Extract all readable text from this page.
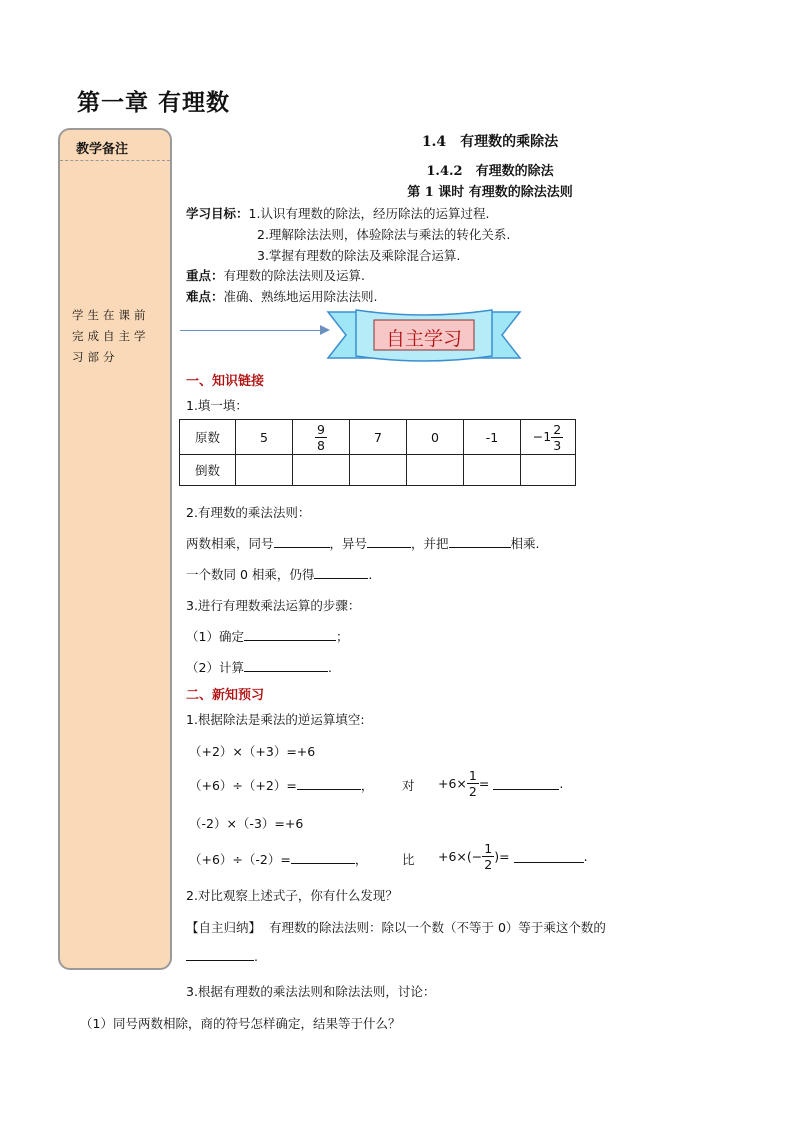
第一章 有理数
教学备注
学生在课前完成自主学习部分
1.4　有理数的乘除法
1.4.2　有理数的除法
第 1 课时 有理数的除法法则
学习目标：1.认识有理数的除法，经历除法的运算过程.
2.理解除法法则，体验除法与乘法的转化关系.
3.掌握有理数的除法及乘除混合运算.
重点：有理数的除法法则及运算.
难点：准确、熟练地运用除法法则.
自主学习
一、知识链接
1.填一填：
原数	5	$\frac{9}{8}$	7	0	-1	$-1 \frac{2}{3}$

倒数						
2.有理数的乘法法则：
两数相乘，同号	，异号	，并把	相乘.
一个数同 0 相乘，仍得	.
3.进行有理数乘法运算的步骤：
（1）确定	；
（2）计算	.
二、新知预习
1.根据除法是乘法的逆运算填空:
（+2）×（+3）=+6
（+6）÷（+2）=	， 对 $+6\times \frac{1}{2}$ =	.
（-2）×（-3）=+6
（+6）÷（-2）=	，	比 $+6\times(- \frac{1}{2}$ )=	.
2.对比观察上述式子，你有什么发现？
【自主归纳】 有理数的除法法则：除以一个数（不等于 0）等于乘这个数的
.
3.根据有理数的乘法法则和除法法则，讨论：
（1）同号两数相除，商的符号怎样确定，结果等于什么？
